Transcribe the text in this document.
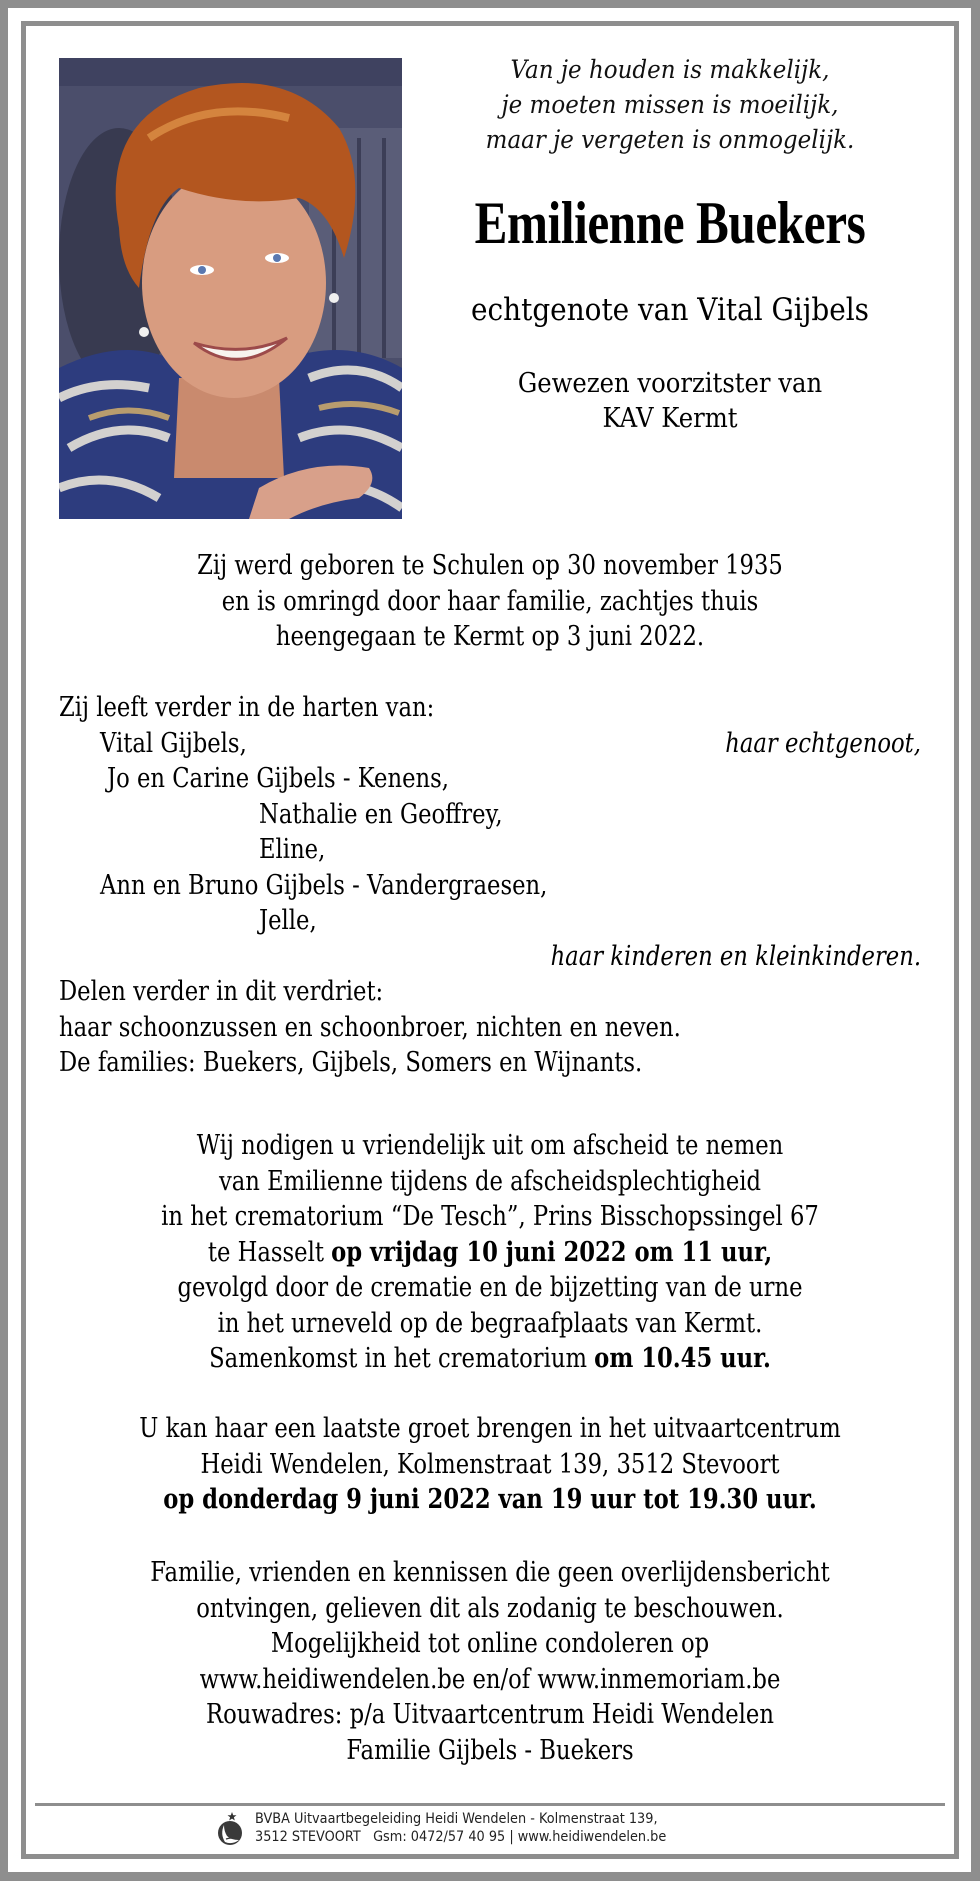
Van je houden is makkelijk,
je moeten missen is moeilijk,
maar je vergeten is onmogelijk.
Emilienne Buekers
echtgenote van Vital Gijbels
Gewezen voorzitster van
KAV Kermt
Zij werd geboren te Schulen op 30 november 1935
en is omringd door haar familie, zachtjes thuis
heengegaan te Kermt op 3 juni 2022.
Zij leeft verder in de harten van:
Vital Gijbels,	haar echtgenoot,
Jo en Carine Gijbels - Kenens,
Nathalie en Geoffrey,
Eline,
Ann en Bruno Gijbels - Vandergraesen,
Jelle,
haar kinderen en kleinkinderen.
Delen verder in dit verdriet:
haar schoonzussen en schoonbroer, nichten en neven.
De families: Buekers, Gijbels, Somers en Wijnants.
Wij nodigen u vriendelijk uit om afscheid te nemen
van Emilienne tijdens de afscheidsplechtigheid
in het crematorium “De Tesch”, Prins Bisschopssingel 67
te Hasselt op vrijdag 10 juni 2022 om 11 uur,
gevolgd door de crematie en de bijzetting van de urne
in het urneveld op de begraafplaats van Kermt.
Samenkomst in het crematorium om 10.45 uur.
U kan haar een laatste groet brengen in het uitvaartcentrum
Heidi Wendelen, Kolmenstraat 139, 3512 Stevoort
op donderdag 9 juni 2022 van 19 uur tot 19.30 uur.
Familie, vrienden en kennissen die geen overlijdensbericht
ontvingen, gelieven dit als zodanig te beschouwen.
Mogelijkheid tot online condoleren op
www.heidiwendelen.be en/of www.inmemoriam.be
Rouwadres: p/a Uitvaartcentrum Heidi Wendelen
Familie Gijbels - Buekers
BVBA Uitvaartbegeleiding Heidi Wendelen - Kolmenstraat 139,
3512 STEVOORT   Gsm: 0472/57 40 95 | www.heidiwendelen.be
